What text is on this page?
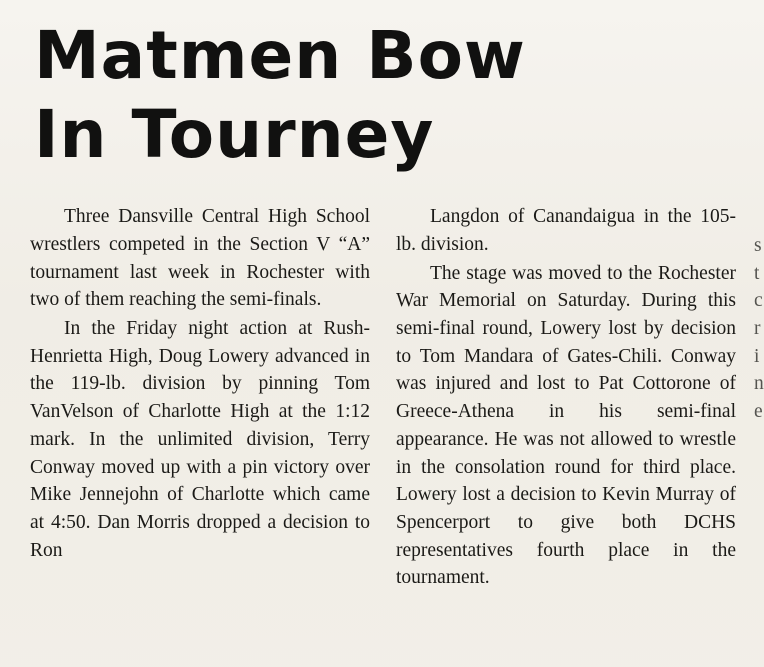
Matmen Bow
In Tourney

Three Dansville Central High School wrestlers competed in the Section V “A” tournament last week in Rochester with two of them reaching the semi-finals.

In the Friday night action at Rush-Henrietta High, Doug Lowery advanced in the 119-lb. division by pinning Tom VanVelson of Charlotte High at the 1:12 mark. In the unlimited division, Terry Conway moved up with a pin victory over Mike Jennejohn of Charlotte which came at 4:50. Dan Morris dropped a decision to Ron

Langdon of Canandaigua in the 105-lb. division.

The stage was moved to the Rochester War Memorial on Saturday. During this semi-final round, Lowery lost by decision to Tom Mandara of Gates-Chili. Conway was injured and lost to Pat Cottorone of Greece-Athena in his semi-final appearance. He was not allowed to wrestle in the consolation round for third place. Lowery lost a decision to Kevin Murray of Spencerport to give both DCHS representatives fourth place in the tournament.

s
t
c
r
i
n
e
